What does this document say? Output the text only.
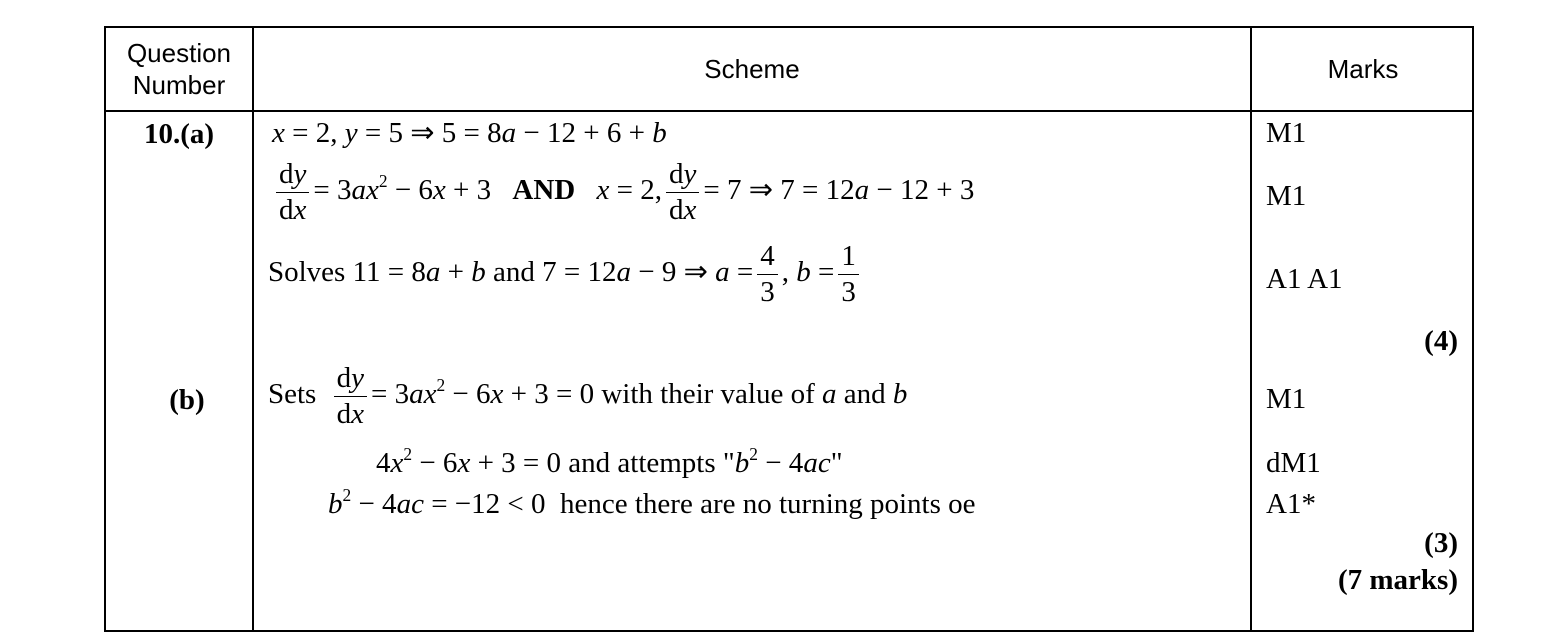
Question
Number
Scheme	Marks
10.(a)
(b)
x = 2, y = 5 ⇒ 5 = 8a − 12 + 6 + b
$\frac{dy}{dx} = 3ax^2 - 6x + 3$ AND x = 2, $\frac{dy}{dx} = 7$ ⇒ 7 = 12a − 12 + 3
Solves 11 = 8a + b and 7 = 12a − 9 ⇒ $a = \frac{4}{3}$ , $b = \frac{1}{3}$
Sets $\frac{dy}{dx} = 3ax^2 - 6x + 3 = 0$ with their value of a and b
$4x^2 - 6x + 3 = 0$ and attempts "$b^2 - 4ac$"
$b^2 - 4ac = -12 < 0$  hence there are no turning points oe
M1
M1
A1 A1
(4)
M1
dM1
A1*
(3)
(7 marks)
